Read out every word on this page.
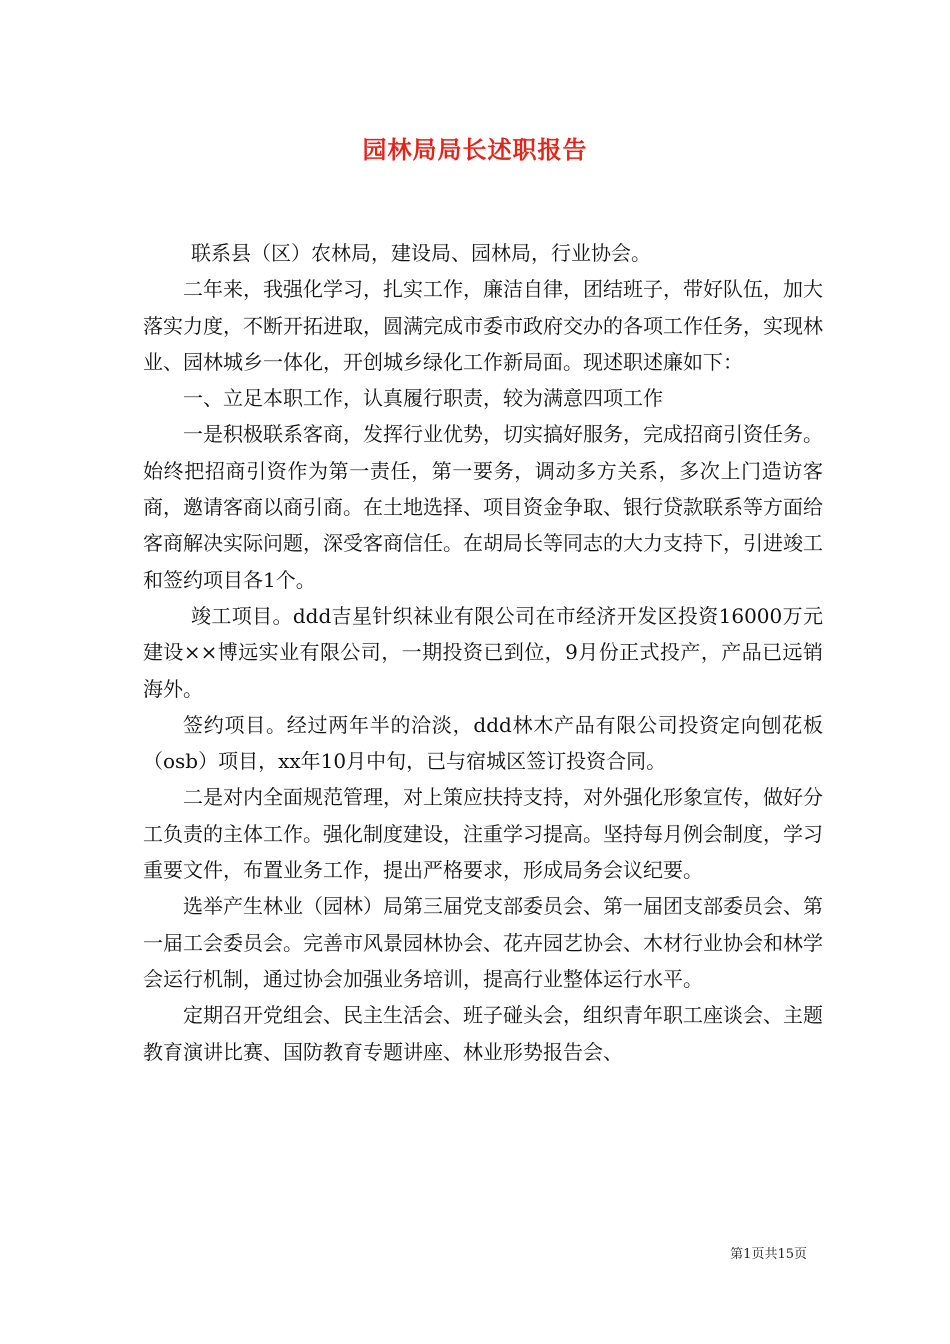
园林局局长述职报告

联系县（区）农林局，建设局、园林局，行业协会。

二年来，我强化学习，扎实工作，廉洁自律，团结班子，带好队伍，加大落实力度，不断开拓进取，圆满完成市委市政府交办的各项工作任务，实现林业、园林城乡一体化，开创城乡绿化工作新局面。现述职述廉如下：

一、立足本职工作，认真履行职责，较为满意四项工作

一是积极联系客商，发挥行业优势，切实搞好服务，完成招商引资任务。始终把招商引资作为第一责任，第一要务，调动多方关系，多次上门造访客商，邀请客商以商引商。在土地选择、项目资金争取、银行贷款联系等方面给客商解决实际问题，深受客商信任。在胡局长等同志的大力支持下，引进竣工和签约项目各1个。

竣工项目。ddd吉星针织袜业有限公司在市经济开发区投资16000万元建设××博远实业有限公司，一期投资已到位，9月份正式投产，产品已远销海外。

签约项目。经过两年半的洽淡，ddd林木产品有限公司投资定向刨花板（osb）项目，xx年10月中旬，已与宿城区签订投资合同。

二是对内全面规范管理，对上策应扶持支持，对外强化形象宣传，做好分工负责的主体工作。强化制度建设，注重学习提高。坚持每月例会制度，学习重要文件，布置业务工作，提出严格要求，形成局务会议纪要。

选举产生林业（园林）局第三届党支部委员会、第一届团支部委员会、第一届工会委员会。完善市风景园林协会、花卉园艺协会、木材行业协会和林学会运行机制，通过协会加强业务培训，提高行业整体运行水平。

定期召开党组会、民主生活会、班子碰头会，组织青年职工座谈会、主题教育演讲比赛、国防教育专题讲座、林业形势报告会、

第1页共15页
